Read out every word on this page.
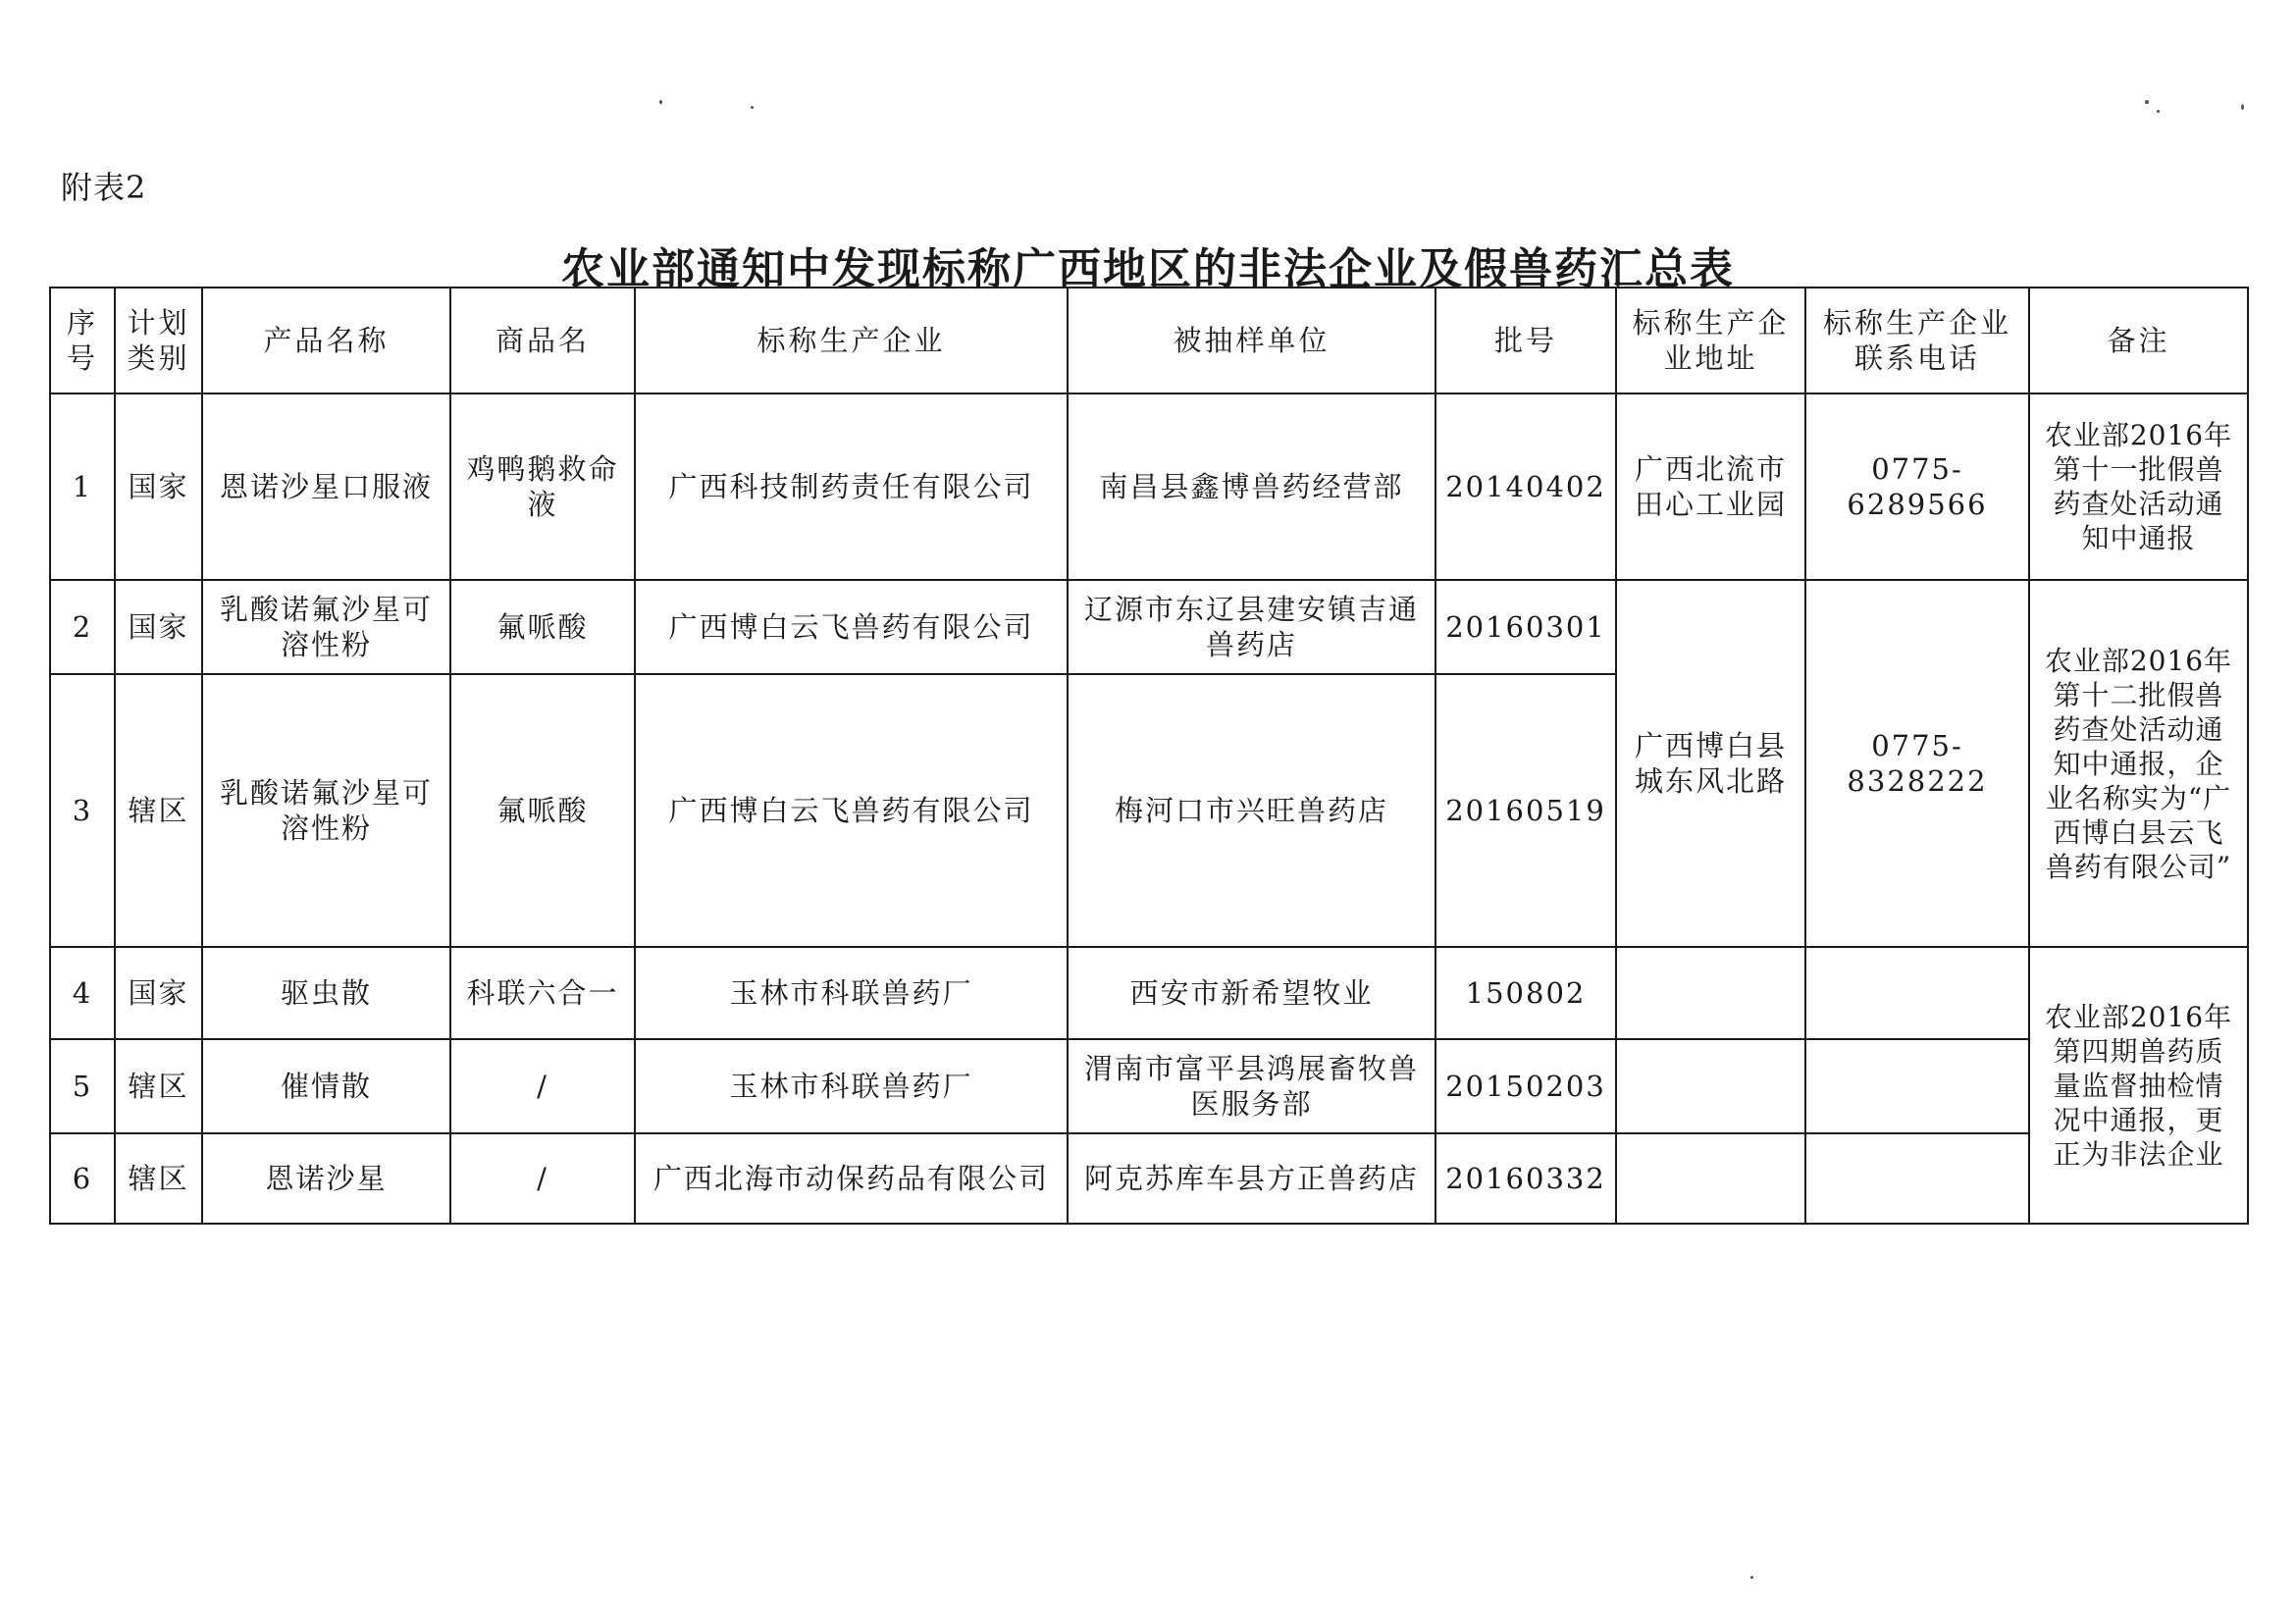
附表2
农业部通知中发现标称广西地区的非法企业及假兽药汇总表
序号	计划类别	产品名称	商品名	标称生产企业	被抽样单位	批号	标称生产企业地址	标称生产企业联系电话	备注
1	国家	恩诺沙星口服液	鸡鸭鹅救命液	广西科技制药责任有限公司	南昌县鑫博兽药经营部	20140402	广西北流市田心工业园	0775-6289566	农业部2016年第十一批假兽药查处活动通知中通报
2	国家	乳酸诺氟沙星可溶性粉	氟哌酸	广西博白云飞兽药有限公司	辽源市东辽县建安镇吉通兽药店	20160301	广西博白县城东风北路	0775-8328222	农业部2016年第十二批假兽药查处活动通知中通报，企业名称实为“广西博白县云飞兽药有限公司”
3	辖区	乳酸诺氟沙星可溶性粉	氟哌酸	广西博白云飞兽药有限公司	梅河口市兴旺兽药店	20160519			
4	国家	驱虫散	科联六合一	玉林市科联兽药厂	西安市新希望牧业	150802			农业部2016年第四期兽药质量监督抽检情况中通报，更正为非法企业
5	辖区	催情散	/	玉林市科联兽药厂	渭南市富平县鸿展畜牧兽医服务部	20150203			
6	辖区	恩诺沙星	/	广西北海市动保药品有限公司	阿克苏库车县方正兽药店	20160332			
